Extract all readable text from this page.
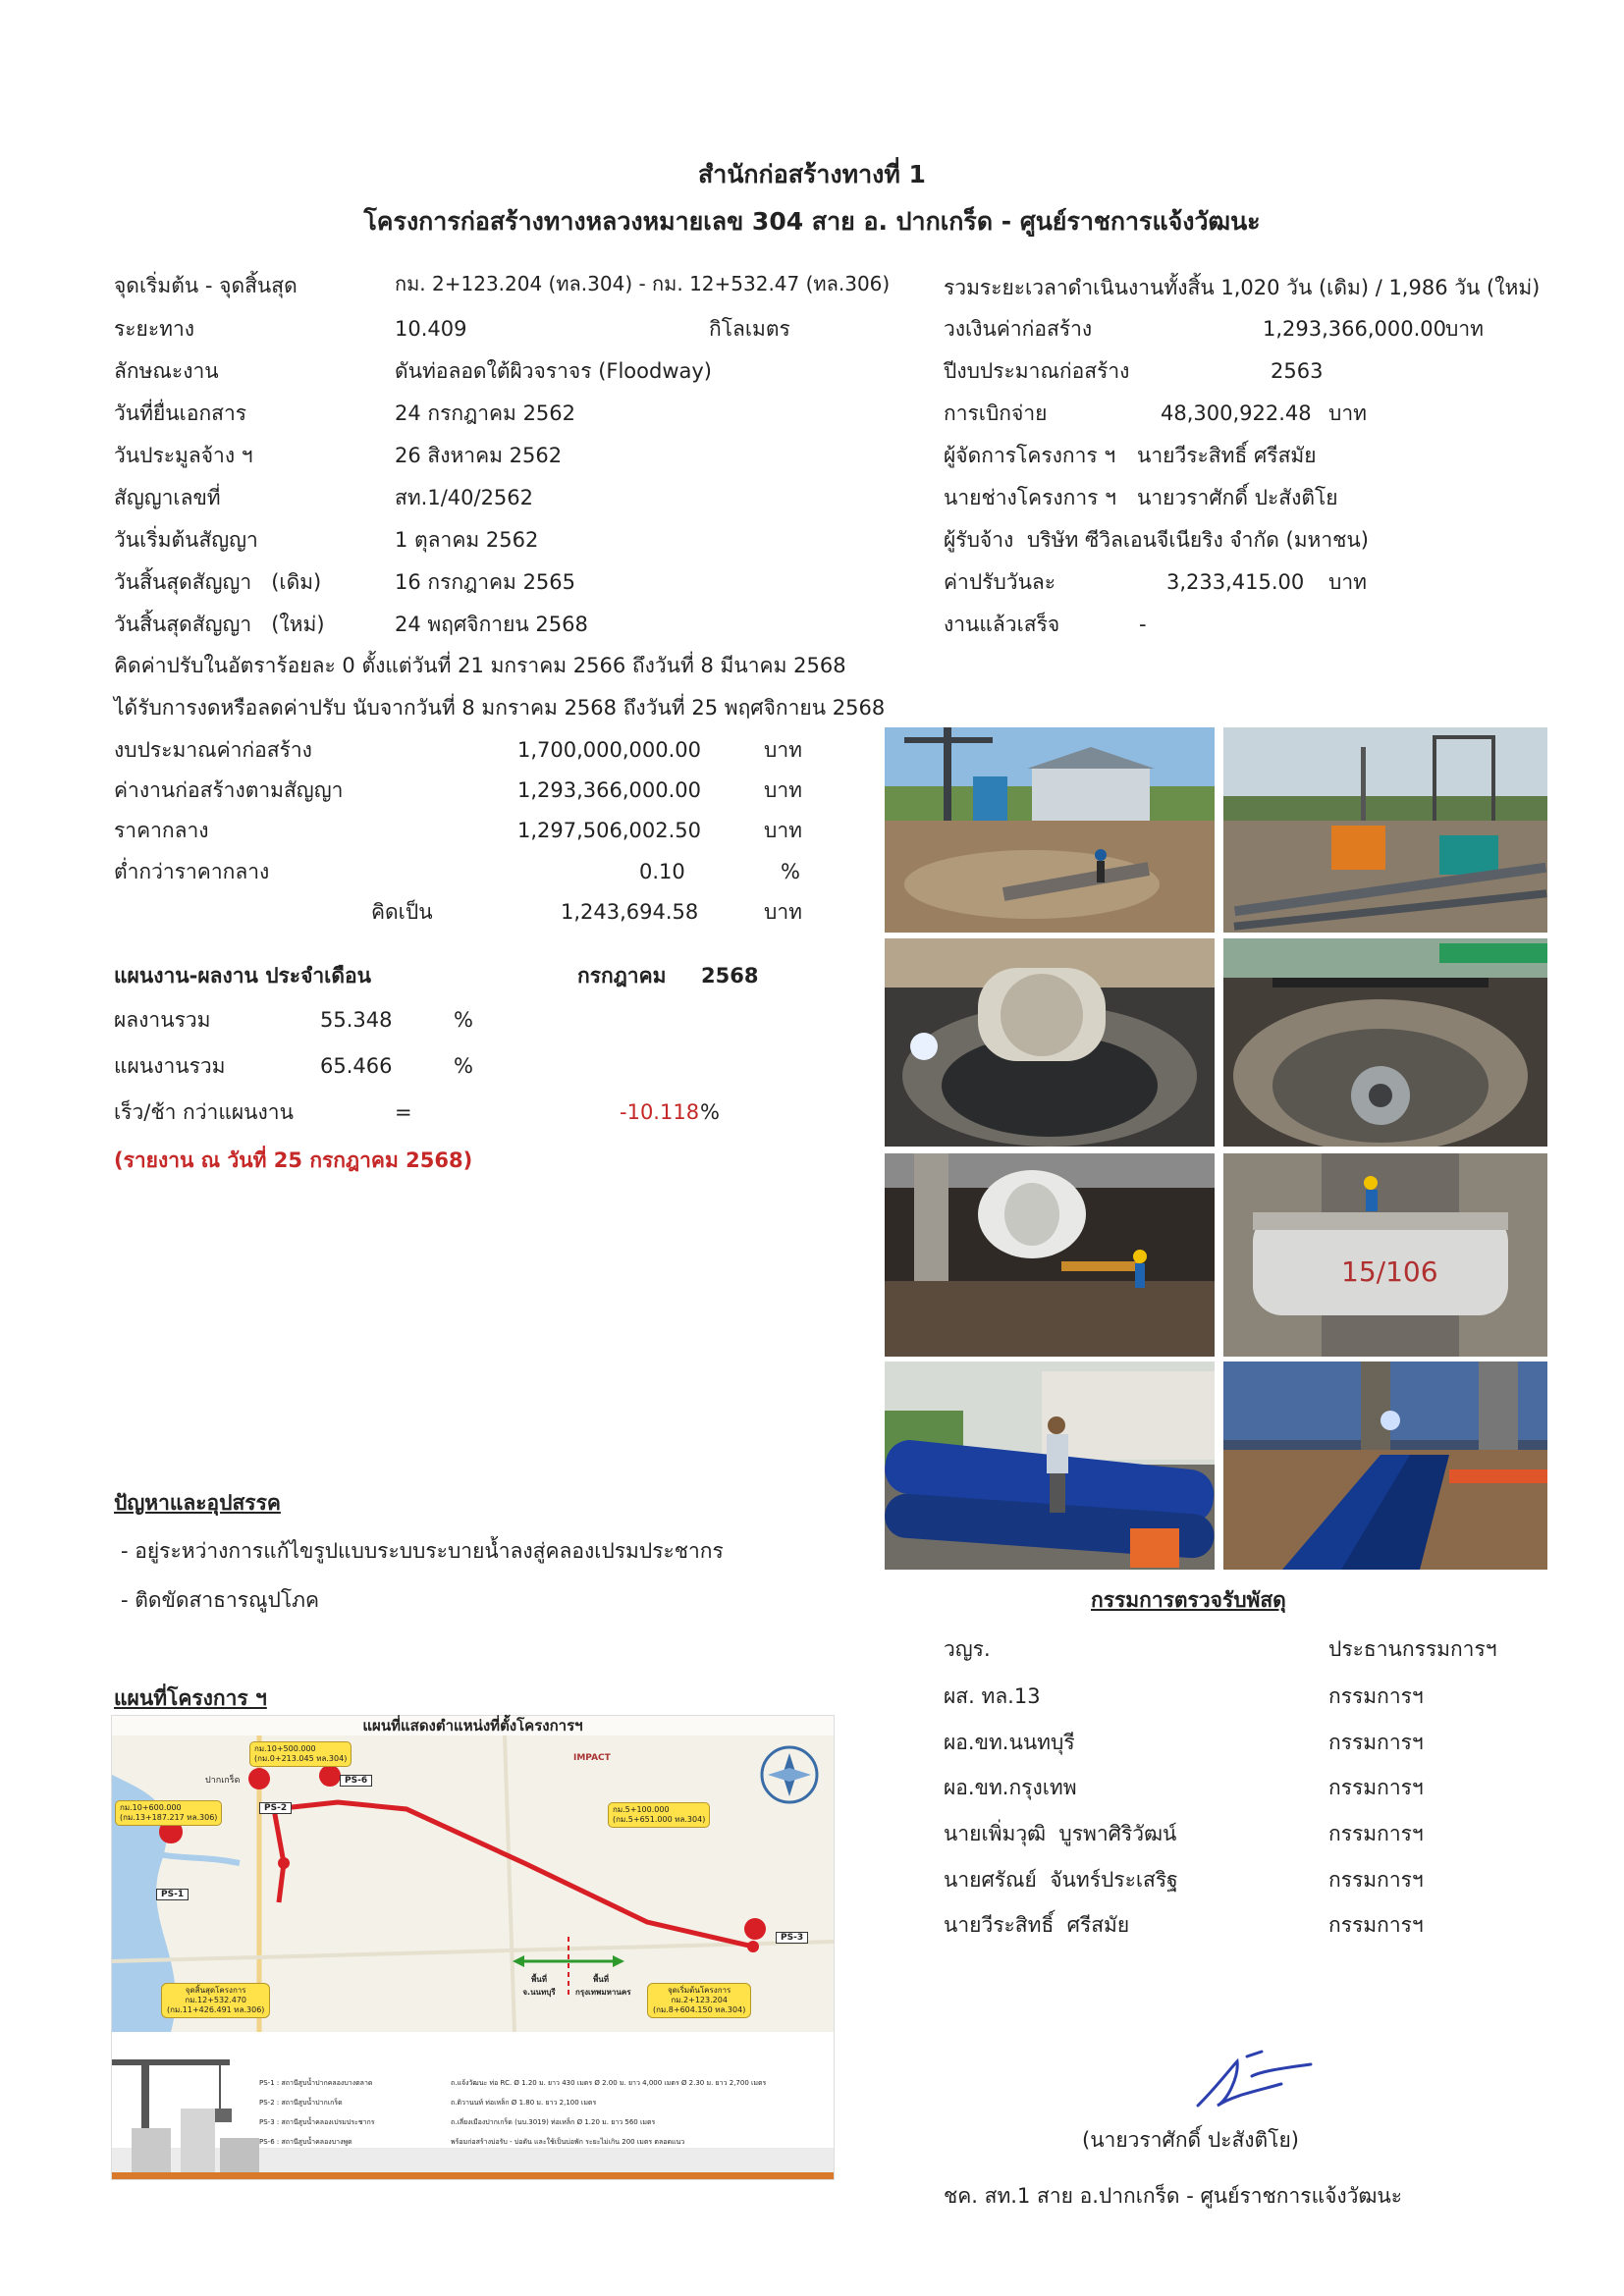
สำนักก่อสร้างทางที่ 1
โครงการก่อสร้างทางหลวงหมายเลข 304 สาย อ. ปากเกร็ด - ศูนย์ราชการแจ้งวัฒนะ
จุดเริ่มต้น - จุดสิ้นสุด	กม. 2+123.204 (ทล.304) - กม. 12+532.47 (ทล.306)
ระยะทาง	10.409	กิโลเมตร
ลักษณะงาน	ดันท่อลอดใต้ผิวจราจร (Floodway)
วันที่ยื่นเอกสาร	24 กรกฎาคม 2562
วันประมูลจ้าง ฯ	26 สิงหาคม 2562
สัญญาเลขที่	สท.1/40/2562
วันเริ่มต้นสัญญา	1 ตุลาคม 2562
วันสิ้นสุดสัญญา   (เดิม)	16 กรกฎาคม 2565
วันสิ้นสุดสัญญา   (ใหม่)	24 พฤศจิกายน 2568
คิดค่าปรับในอัตราร้อยละ 0 ตั้งแต่วันที่ 21 มกราคม 2566 ถึงวันที่ 8 มีนาคม 2568
ได้รับการงดหรือลดค่าปรับ นับจากวันที่ 8 มกราคม 2568 ถึงวันที่ 25 พฤศจิกายน 2568
รวมระยะเวลาดำเนินงานทั้งสิ้น 1,020 วัน (เดิม) / 1,986 วัน (ใหม่)
วงเงินค่าก่อสร้าง	1,293,366,000.00
บาท
ปีงบประมาณก่อสร้าง	2563
การเบิกจ่าย	48,300,922.48 บาท
ผู้จัดการโครงการ ฯ นายวีระสิทธิ์ ศรีสมัย
นายช่างโครงการ ฯ นายวราศักดิ์ ปะสังติโย
ผู้รับจ้าง บริษัท ซีวิลเอนจีเนียริง จำกัด (มหาชน)
ค่าปรับวันละ	3,233,415.00 บาท
งานแล้วเสร็จ	-
งบประมาณค่าก่อสร้าง	1,700,000,000.00	บาท
ค่างานก่อสร้างตามสัญญา	1,293,366,000.00	บาท
ราคากลาง	1,297,506,002.50	บาท
ต่ำกว่าราคากลาง	0.10	%
คิดเป็น	1,243,694.58	บาท
แผนงาน-ผลงาน ประจำเดือน	กรกฎาคม 2568
ผลงานรวม	55.348	%
แผนงานรวม	65.466	%
เร็ว/ช้า กว่าแผนงาน	=	-10.118 %
(รายงาน ณ วันที่ 25 กรกฎาคม 2568)
15/106
ปัญหาและอุปสรรค
- อยู่ระหว่างการแก้ไขรูปแบบระบบระบายน้ำลงสู่คลองเปรมประชากร
- ติดขัดสาธารณูปโภค
แผนที่โครงการ ฯ
แผนที่แสดงตำแหน่งที่ตั้งโครงการฯ
ปากเกร็ด
IMPACT
กม.10+500.000
(กม.0+213.045 ทล.304)
กม.10+600.000
(กม.13+187.217 ทล.306)
กม.5+100.000
(กม.5+651.000 ทล.304)
จุดสิ้นสุดโครงการ
กม.12+532.470
(กม.11+426.491 ทล.306)
จุดเริ่มต้นโครงการ
กม.2+123.204
(กม.8+604.150 ทล.304)
PS-1
PS-2
PS-3
PS-6
พื้นที่ จ.นนทบุรี
พื้นที่ กรุงเทพมหานคร
PS-1 : สถานีสูบน้ำปากคลองบางตลาด
PS-2 : สถานีสูบน้ำปากเกร็ด
PS-3 : สถานีสูบน้ำคลองเปรมประชากร
PS-6 : สถานีสูบน้ำคลองบางพูด
ถ.แจ้งวัฒนะ ท่อ RC. Ø 1.20 ม. ยาว 430 เมตร Ø 2.00 ม. ยาว 4,000 เมตร Ø 2.30 ม. ยาว 2,700 เมตร
ถ.ติวานนท์ ท่อเหล็ก Ø 1.80 ม. ยาว 2,100 เมตร
ถ.เลี่ยงเมืองปากเกร็ด (นบ.3019) ท่อเหล็ก Ø 1.20 ม. ยาว 560 เมตร
พร้อมก่อสร้างบ่อรับ - บ่อดัน และใช้เป็นบ่อพัก ระยะไม่เกิน 200 เมตร ตลอดแนว
กรรมการตรวจรับพัสดุ
วญร.	ประธานกรรมการฯ
ผส. ทล.13	กรรมการฯ
ผอ.ขท.นนทบุรี	กรรมการฯ
ผอ.ขท.กรุงเทพ	กรรมการฯ
นายเพิ่มวุฒิ  บูรพาศิริวัฒน์	กรรมการฯ
นายศรัณย์  จันทร์ประเสริฐ	กรรมการฯ
นายวีระสิทธิ์  ศรีสมัย	กรรมการฯ
(นายวราศักดิ์ ปะสังติโย)
ชค. สท.1 สาย อ.ปากเกร็ด - ศูนย์ราชการแจ้งวัฒนะ
